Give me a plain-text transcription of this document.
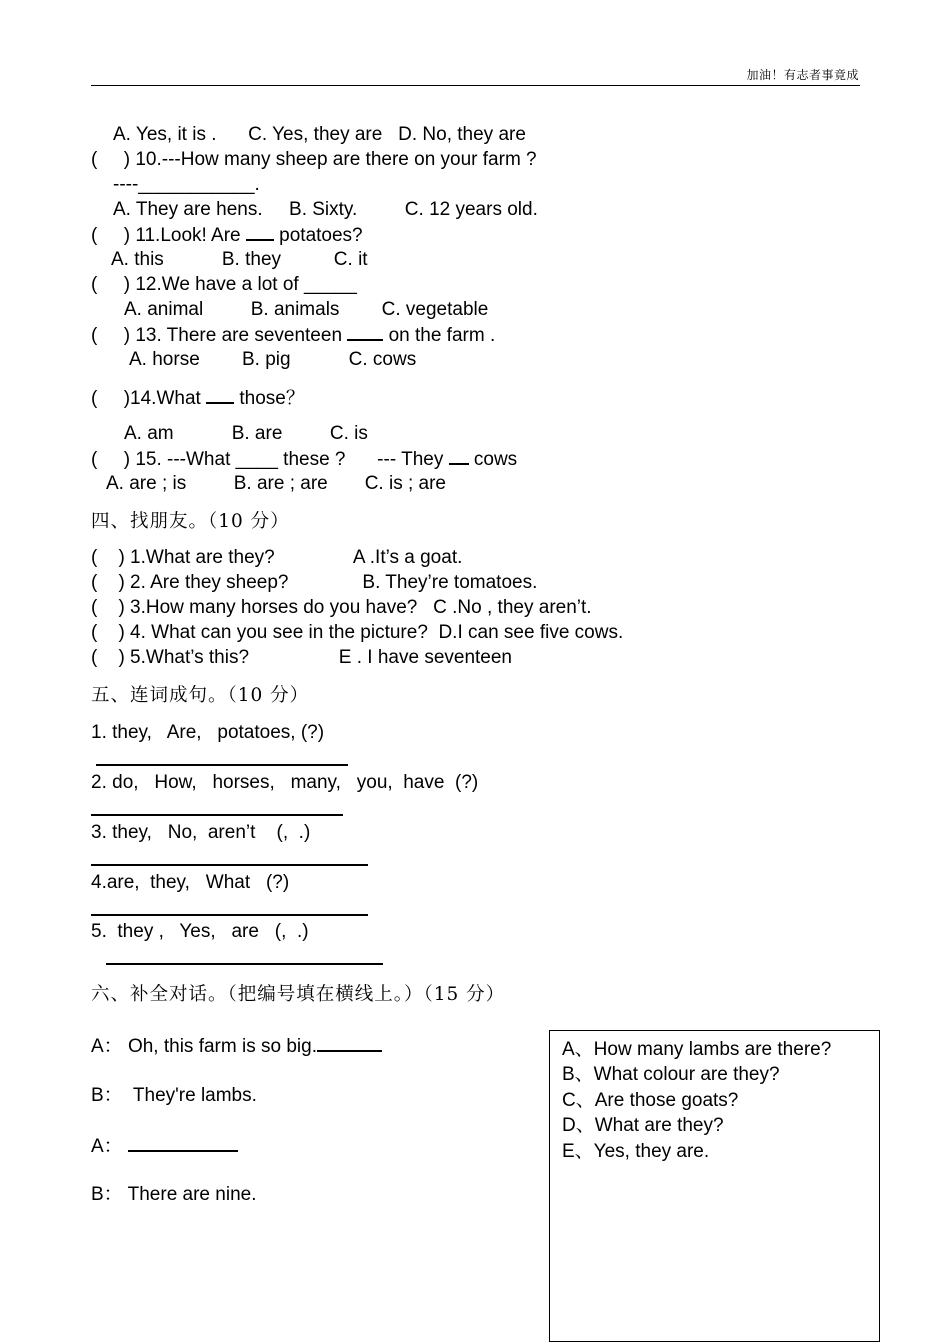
加油！有志者事竟成
A. Yes, it is .      C. Yes, they are   D. No, they are
(     ) 10.---How many sheep are there on your farm ?
----___________.
A. They are hens.     B. Sixty.         C. 12 years old.
(     ) 11.Look! Are  potatoes?
A. this           B. they          C. it
(     ) 12.We have a lot of _____
A. animal         B. animals        C. vegetable
(     ) 13. There are seventeen  on the farm .
A. horse        B. pig           C. cows
(     )14.What  those？
A. am           B. are         C. is
(     ) 15. ---What ____ these ?      --- They  cows
A. are ; is         B. are ; are       C. is ; are
四、找朋友。（10 分）
(    ) 1.What are they?               A .It’s a goat.
(    ) 2. Are they sheep?              B. They’re tomatoes.
(    ) 3.How many horses do you have?   C .No , they aren’t.
(    ) 4. What can you see in the picture?  D.I can see five cows.
(    ) 5.What’s this?                 E . I have seventeen
五、连词成句。（10 分）
1. they,   Are,   potatoes, (?)
2. do,   How,   horses,   many,   you,  have  (?)
3. they,   No,  aren’t    (,  .)
4.are,  they,   What   (?)
5.  they ,   Yes,   are   (,  .)
六、补全对话。（把编号填在横线上。）（15 分）
A： Oh, this farm is so big.
B：  They're lambs.
A：
B： There are nine.
A、How many lambs are there?
B、What colour are they?
C、Are those goats?
D、What are they?
E、Yes, they are.
